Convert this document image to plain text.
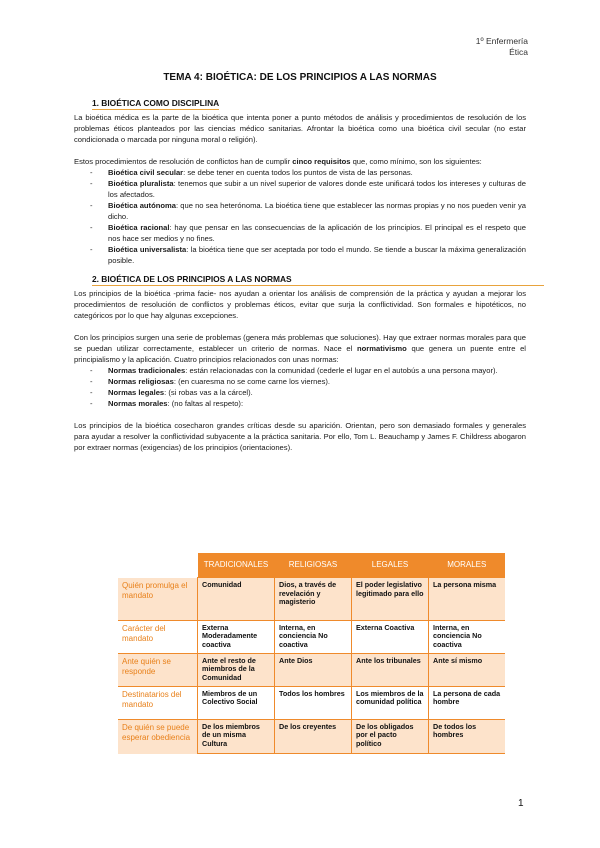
1º Enfermería
Ética
TEMA 4: BIOÉTICA: DE LOS PRINCIPIOS A LAS NORMAS
1. BIOÉTICA COMO DISCIPLINA

La bioética médica es la parte de la bioética que intenta poner a punto métodos de análisis y procedimientos de resolución de los problemas éticos planteados por las ciencias médico sanitarias. Afrontar la bioética como una bioética civil secular (no estar condicionada o marcada por ninguna moral o religión).

Estos procedimientos de resolución de conflictos han de cumplir cinco requisitos que, como mínimo, son los siguientes:

- Bioética civil secular: se debe tener en cuenta todos los puntos de vista de las personas.
- Bioética pluralista: tenemos que subir a un nivel superior de valores donde este unificará todos los intereses y culturas de los afectados.
- Bioética autónoma: que no sea heterónoma. La bioética tiene que establecer las normas propias y no nos pueden venir ya dicho.
- Bioética racional: hay que pensar en las consecuencias de la aplicación de los principios. El principal es el respeto que nos hace ser medios y no fines.
- Bioética universalista: la bioética tiene que ser aceptada por todo el mundo. Se tiende a buscar la máxima generalización posible.
2. BIOÉTICA DE LOS PRINCIPIOS A LAS NORMAS

Los principios de la bioética -prima facie- nos ayudan a orientar los análisis de comprensión de la práctica y ayudan a mejorar los procedimientos de resolución de conflictos y problemas éticos, evitar que surja la conflictividad. Son formales e hipotéticos, no categóricos por lo que hay algunas excepciones.

Con los principios surgen una serie de problemas (genera más problemas que soluciones). Hay que extraer normas morales para que se puedan utilizar correctamente, establecer un criterio de normas. Nace el normativismo que genera un puente entre el principialismo y la aplicación. Cuatro principios relacionados con unas normas:

- Normas tradicionales: están relacionadas con la comunidad (cederle el lugar en el autobús a una persona mayor).
- Normas religiosas: (en cuaresma no se come carne los viernes).
- Normas legales: (si robas vas a la cárcel).
- Normas morales: (no faltas al respeto):

Los principios de la bioética cosecharon grandes críticas desde su aparición. Orientan, pero son demasiado formales y generales para ayudar a resolver la conflictividad subyacente a la práctica sanitaria. Por ello, Tom L. Beauchamp y James F. Childress abogaron por extraer normas (exigencias) de los principios (orientaciones).

	TRADICIONALES	RELIGIOSAS	LEGALES	MORALES
Quién promulga el mandato	Comunidad	Dios, a través de revelación y magisterio	El poder legislativo legitimado para ello	La persona misma
Carácter del mandato	Externa Moderadamente coactiva	Interna, en conciencia No coactiva	Externa Coactiva	Interna, en conciencia No coactiva
Ante quién se responde	Ante el resto de miembros de la Comunidad	Ante Dios	Ante los tribunales	Ante sí mismo
Destinatarios del mandato	Miembros de un Colectivo Social	Todos los hombres	Los miembros de la comunidad política	La persona de cada hombre
De quién se puede esperar obediencia	De los miembros de un misma Cultura	De los creyentes	De los obligados por el pacto político	De todos los hombres
1
